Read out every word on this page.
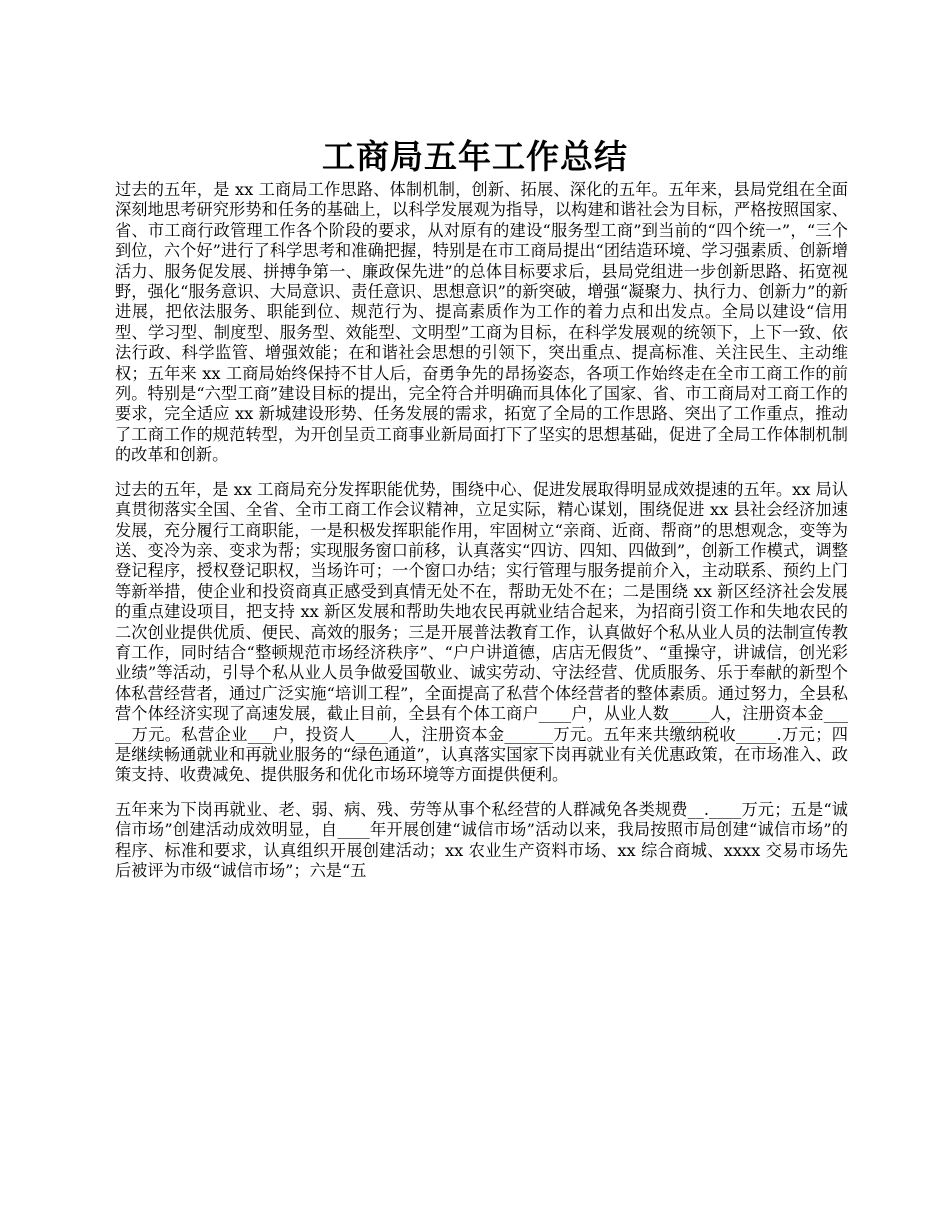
工商局五年工作总结

过去的五年，是 xx 工商局工作思路、体制机制，创新、拓展、深化的五年。五年来，县局党组在全面深刻地思考研究形势和任务的基础上，以科学发展观为指导，以构建和谐社会为目标，严格按照国家、省、市工商行政管理工作各个阶段的要求，从对原有的建设“服务型工商”到当前的“四个统一”，“三个到位，六个好”进行了科学思考和准确把握，特别是在市工商局提出“团结造环境、学习强素质、创新增活力、服务促发展、拼搏争第一、廉政保先进”的总体目标要求后，县局党组进一步创新思路、拓宽视野，强化“服务意识、大局意识、责任意识、思想意识”的新突破，增强“凝聚力、执行力、创新力”的新进展，把依法服务、职能到位、规范行为、提高素质作为工作的着力点和出发点。全局以建设“信用型、学习型、制度型、服务型、效能型、文明型”工商为目标，在科学发展观的统领下，上下一致、依法行政、科学监管、增强效能；在和谐社会思想的引领下，突出重点、提高标准、关注民生、主动维权；五年来 xx 工商局始终保持不甘人后，奋勇争先的昂扬姿态，各项工作始终走在全市工商工作的前列。特别是“六型工商”建设目标的提出，完全符合并明确而具体化了国家、省、市工商局对工商工作的要求，完全适应 xx 新城建设形势、任务发展的需求，拓宽了全局的工作思路、突出了工作重点，推动了工商工作的规范转型，为开创呈贡工商事业新局面打下了坚实的思想基础，促进了全局工作体制机制的改革和创新。

过去的五年，是 xx 工商局充分发挥职能优势，围绕中心、促进发展取得明显成效提速的五年。xx 局认真贯彻落实全国、全省、全市工商工作会议精神，立足实际，精心谋划，围绕促进 xx 县社会经济加速发展，充分履行工商职能，一是积极发挥职能作用，牢固树立“亲商、近商、帮商”的思想观念，变等为送、变冷为亲、变求为帮；实现服务窗口前移，认真落实“四访、四知、四做到”，创新工作模式，调整登记程序，授权登记职权，当场许可；一个窗口办结；实行管理与服务提前介入，主动联系、预约上门等新举措，使企业和投资商真正感受到真情无处不在，帮助无处不在；二是围绕 xx 新区经济社会发展的重点建设项目，把支持 xx 新区发展和帮助失地农民再就业结合起来，为招商引资工作和失地农民的二次创业提供优质、便民、高效的服务；三是开展普法教育工作，认真做好个私从业人员的法制宣传教育工作，同时结合“整顿规范市场经济秩序”、“户户讲道德，店店无假货”、“重操守，讲诚信，创光彩业绩”等活动，引导个私从业人员争做爱国敬业、诚实劳动、守法经营、优质服务、乐于奉献的新型个体私营经营者，通过广泛实施“培训工程”，全面提高了私营个体经营者的整体素质。通过努力，全县私营个体经济实现了高速发展，截止目前，全县有个体工商户____户，从业人数_____人，注册资本金_____万元。私营企业___户，投资人____人，注册资本金______万元。五年来共缴纳税收_____.万元；四是继续畅通就业和再就业服务的“绿色通道”，认真落实国家下岗再就业有关优惠政策，在市场准入、政策支持、收费减免、提供服务和优化市场环境等方面提供便利。

五年来为下岗再就业、老、弱、病、残、劳等从事个私经营的人群减免各类规费__.____万元；五是“诚信市场”创建活动成效明显，自____年开展创建“诚信市场”活动以来，我局按照市局创建“诚信市场”的程序、标准和要求，认真组织开展创建活动；xx 农业生产资料市场、xx 综合商城、xxxx 交易市场先后被评为市级“诚信市场”；六是“五
